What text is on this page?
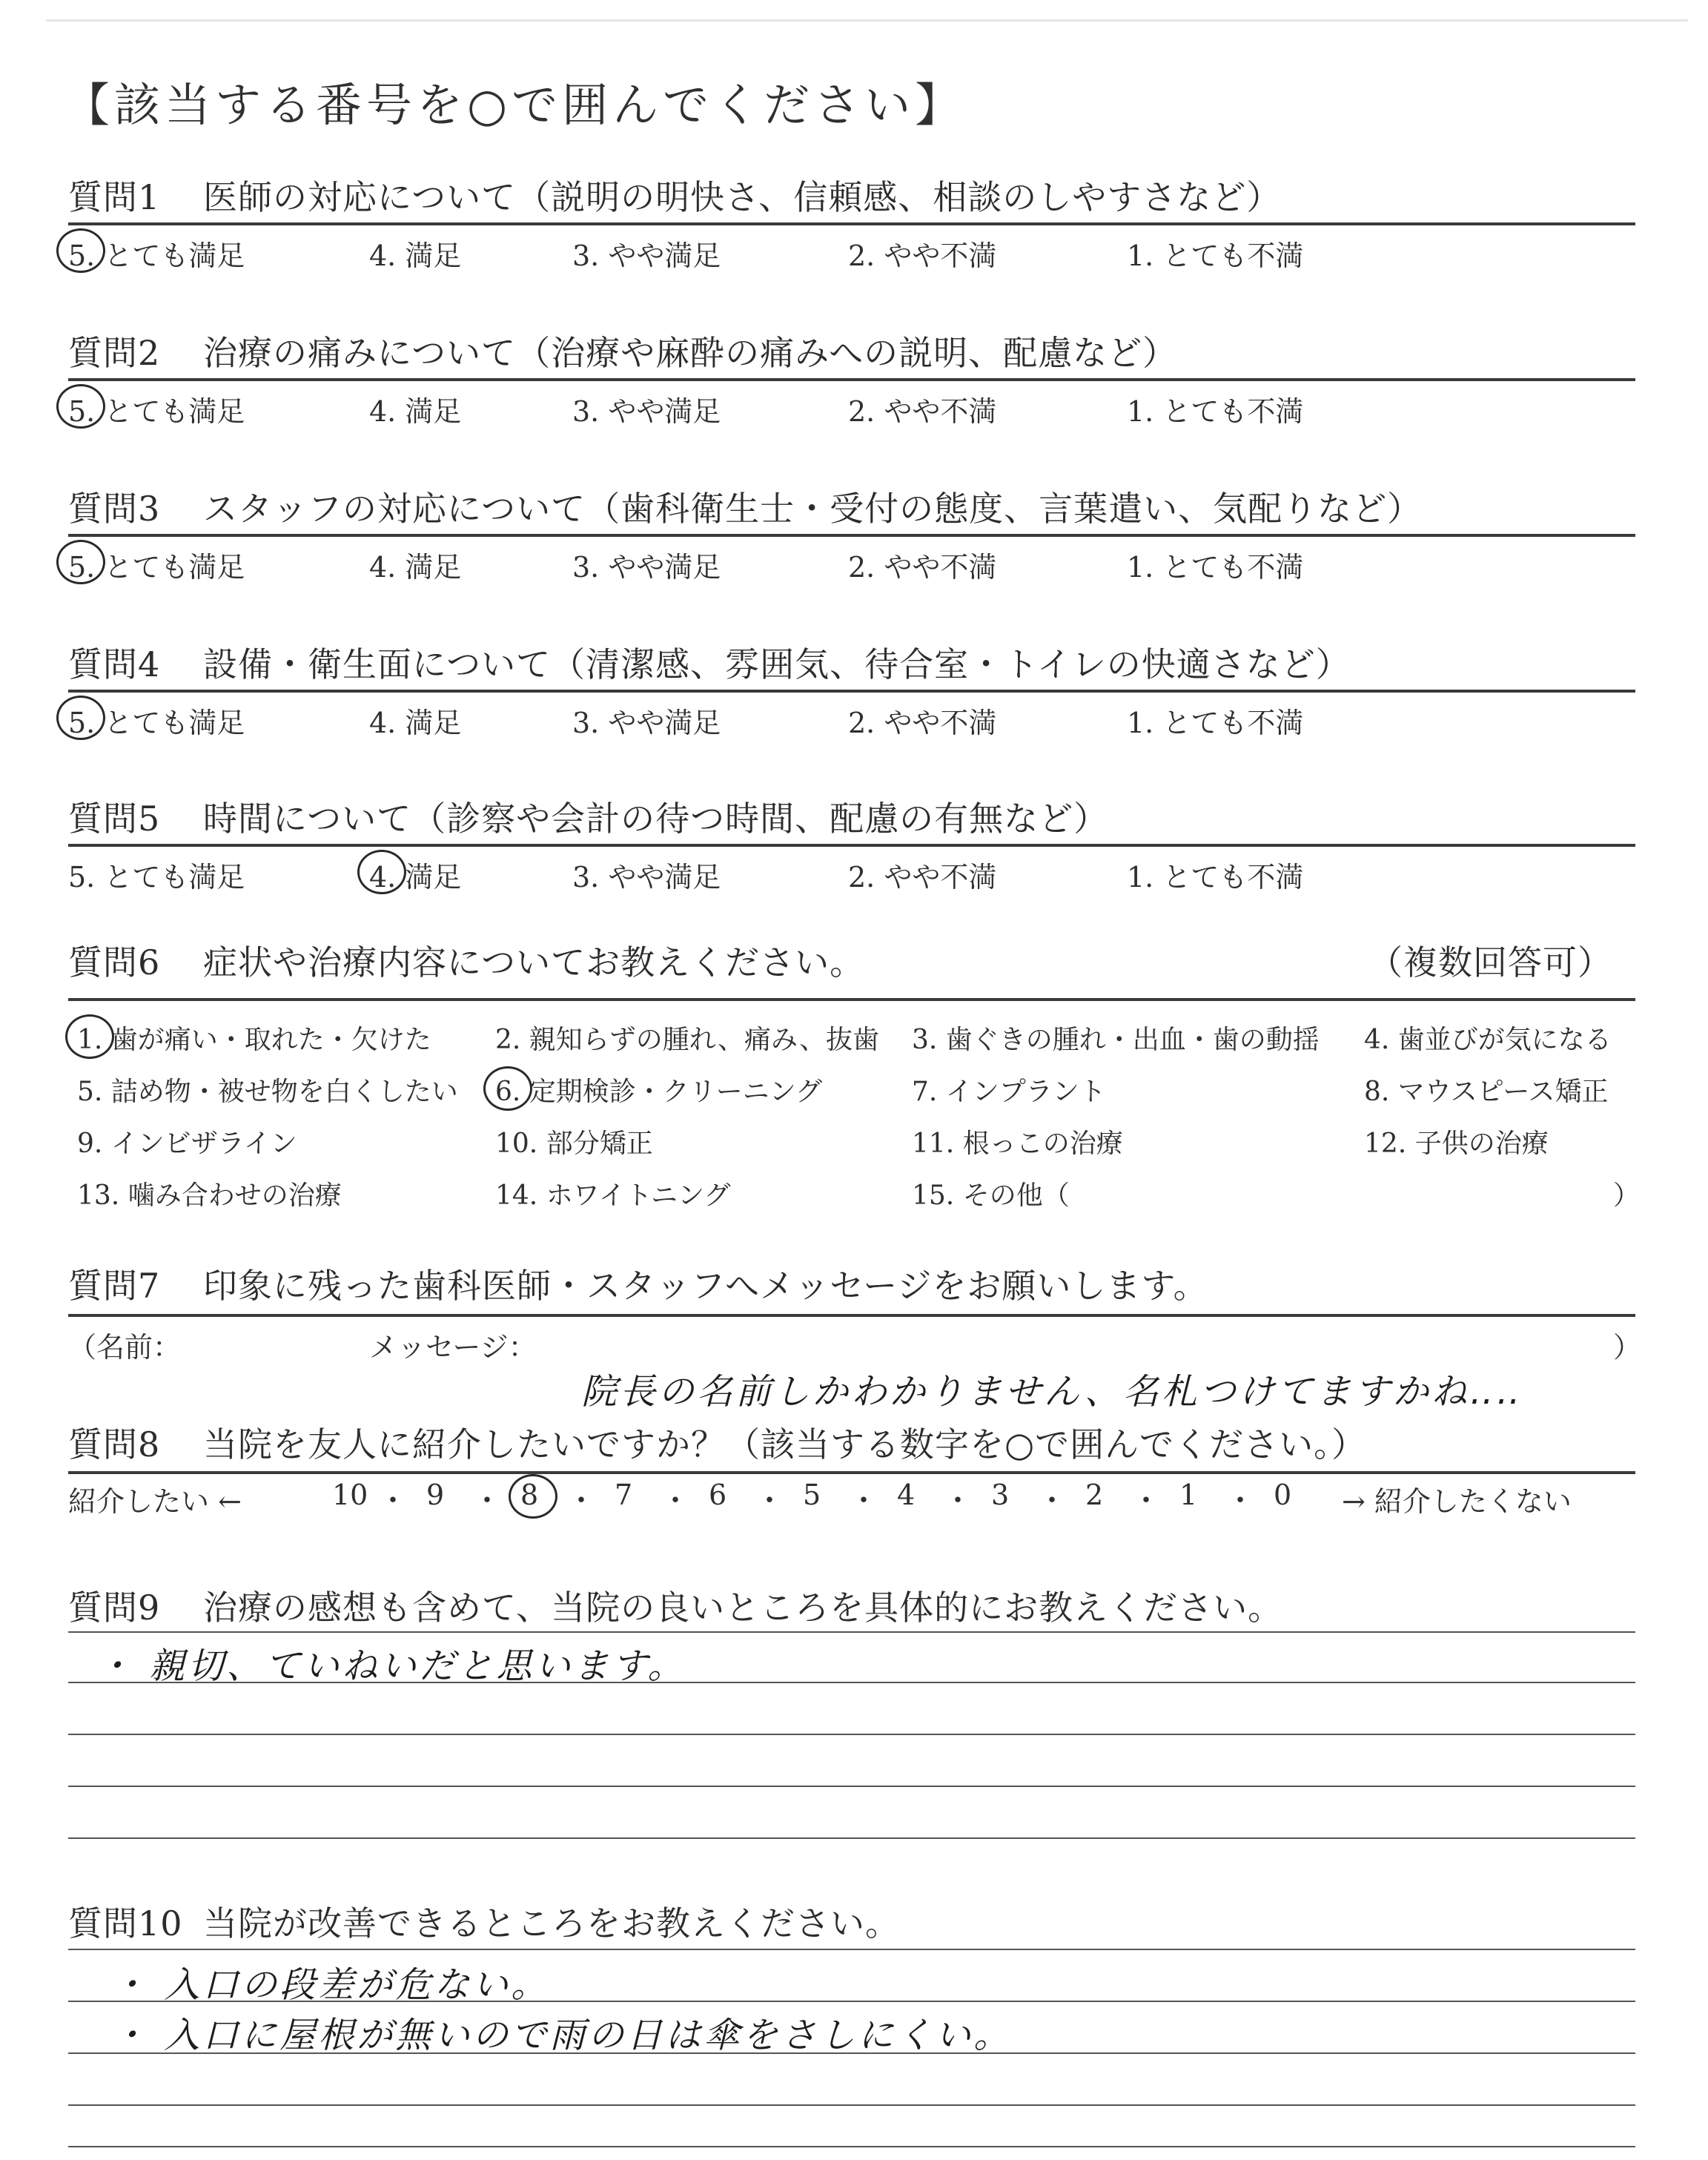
【該当する番号を○で囲んでください】
質問1 医師の対応について（説明の明快さ、信頼感、相談のしやすさなど）
5. とても満足	4. 満足	3. やや満足	2. やや不満	1. とても不満
質問2 治療の痛みについて（治療や麻酔の痛みへの説明、配慮など）
5. とても満足	4. 満足	3. やや満足	2. やや不満	1. とても不満
質問3 スタッフの対応について（歯科衛生士・受付の態度、言葉遣い、気配りなど）
5. とても満足	4. 満足	3. やや満足	2. やや不満	1. とても不満
質問4 設備・衛生面について（清潔感、雰囲気、待合室・トイレの快適さなど）
5. とても満足	4. 満足	3. やや満足	2. やや不満	1. とても不満
質問5 時間について（診察や会計の待つ時間、配慮の有無など）
5. とても満足	4. 満足	3. やや満足	2. やや不満	1. とても不満
質問6 症状や治療内容についてお教えください。	（複数回答可）
1. 歯が痛い・取れた・欠けた 2. 親知らずの腫れ、痛み、抜歯 3. 歯ぐきの腫れ・出血・歯の動揺 4. 歯並びが気になる
5. 詰め物・被せ物を白くしたい 6. 定期検診・クリーニング	7. インプラント	8. マウスピース矯正
9. インビザライン	10. 部分矯正	11. 根っこの治療	12. 子供の治療
13. 噛み合わせの治療	14. ホワイトニング	15. その他（	）
質問7 印象に残った歯科医師・スタッフへメッセージをお願いします。
（名前：	メッセージ：	）
院長の名前しかわかりません、名札つけてますかね‥‥
質問8 当院を友人に紹介したいですか？（該当する数字を○で囲んでください。）
紹介したい ←	10 ・ 9 ・ 8 ・ 7 ・ 6 ・ 5 ・ 4 ・ 3 ・ 2 ・ 1 ・ 0 → 紹介したくない
質問9 治療の感想も含めて、当院の良いところを具体的にお教えください。
・ 親切、ていねいだと思います。
質問10 当院が改善できるところをお教えください。
・ 入口の段差が危ない。
・ 入口に屋根が無いので雨の日は傘をさしにくい。
